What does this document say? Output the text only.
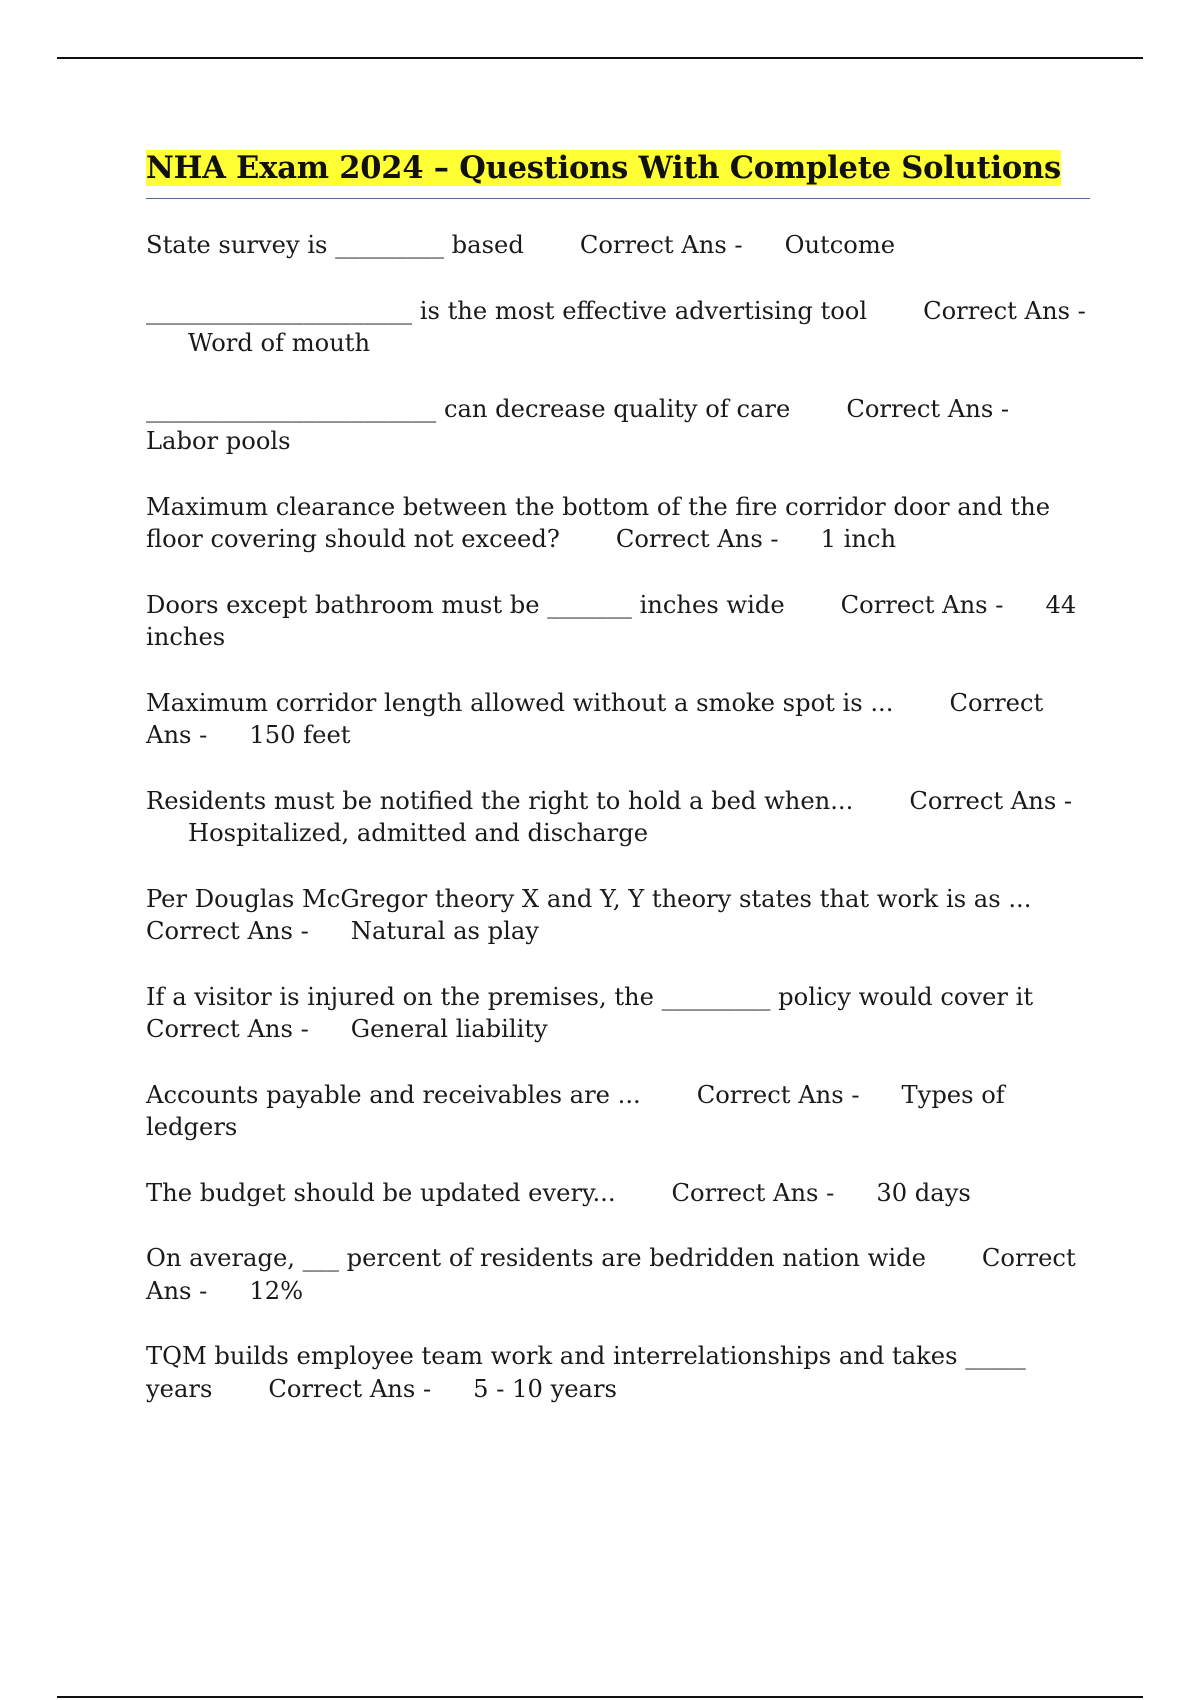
NHA Exam 2024 – Questions With Complete Solutions

State survey is _________ based Correct Ans - Outcome

______________________ is the most effective advertising tool Correct Ans -Word of mouth

________________________ can decrease quality of care Correct Ans -Labor pools

Maximum clearance between the bottom of the fire corridor door and the floor covering should not exceed? Correct Ans - 1 inch

Doors except bathroom must be _______ inches wide Correct Ans - 44 inches

Maximum corridor length allowed without a smoke spot is ... Correct Ans - 150 feet

Residents must be notified the right to hold a bed when... Correct Ans -Hospitalized, admitted and discharge

Per Douglas McGregor theory X and Y, Y theory states that work is as ...Correct Ans - Natural as play

If a visitor is injured on the premises, the _________ policy would cover itCorrect Ans - General liability

Accounts payable and receivables are ... Correct Ans - Types of ledgers

The budget should be updated every... Correct Ans - 30 days

On average, ___ percent of residents are bedridden nation wide Correct Ans - 12%

TQM builds employee team work and interrelationships and takes _____ years Correct Ans - 5 - 10 years
